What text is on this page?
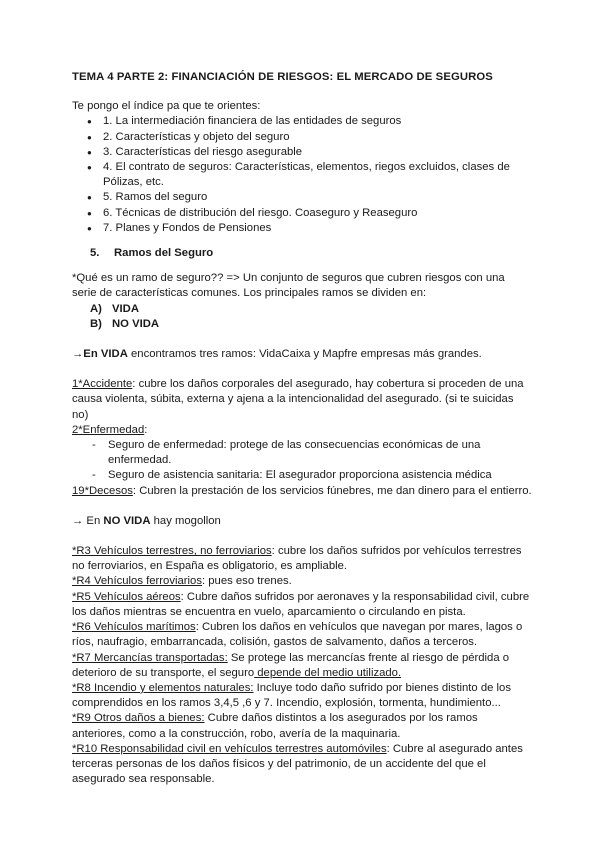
TEMA 4 PARTE 2: FINANCIACIÓN DE RIESGOS: EL MERCADO DE SEGUROS

Te pongo el índice pa que te orientes:

● 1. La intermediación financiera de las entidades de seguros
● 2. Características y objeto del seguro
● 3. Características del riesgo asegurable
● 4. El contrato de seguros: Características, elementos, riegos excluidos, clases de Pólizas, etc.
● 5. Ramos del seguro
● 6. Técnicas de distribución del riesgo. Coaseguro y Reaseguro
● 7. Planes y Fondos de Pensiones

5. Ramos del Seguro

*Qué es un ramo de seguro?? => Un conjunto de seguros que cubren riesgos con una serie de características comunes. Los principales ramos se dividen en:

A) VIDA
B) NO VIDA

→En VIDA encontramos tres ramos: VidaCaixa y Mapfre empresas más grandes.

1*Accidente: cubre los daños corporales del asegurado, hay cobertura si proceden de una causa violenta, súbita, externa y ajena a la intencionalidad del asegurado. (si te suicidas no)

2*Enfermedad:

- Seguro de enfermedad: protege de las consecuencias económicas de una enfermedad.
- Seguro de asistencia sanitaria: El asegurador proporciona asistencia médica

19*Decesos: Cubren la prestación de los servicios fúnebres, me dan dinero para el entierro.

→ En NO VIDA hay mogollon

*R3 Vehículos terrestres, no ferroviarios: cubre los daños sufridos por vehículos terrestres no ferroviarios, en España es obligatorio, es ampliable.

*R4 Vehículos ferroviarios: pues eso trenes.

*R5 Vehículos aéreos: Cubre daños sufridos por aeronaves y la responsabilidad civil, cubre los daños mientras se encuentra en vuelo, aparcamiento o circulando en pista.

*R6 Vehículos marítimos: Cubren los daños en vehículos que navegan por mares, lagos o ríos, naufragio, embarrancada, colisión, gastos de salvamento, daños a terceros.

*R7 Mercancías transportadas: Se protege las mercancías frente al riesgo de pérdida o deterioro de su transporte, el seguro depende del medio utilizado.

*R8 Incendio y elementos naturales: Incluye todo daño sufrido por bienes distinto de los comprendidos en los ramos 3,4,5 ,6 y 7. Incendio, explosión, tormenta, hundimiento...

*R9 Otros daños a bienes: Cubre daños distintos a los asegurados por los ramos anteriores, como a la construcción, robo, avería de la maquinaria.

*R10 Responsabilidad civil en vehículos terrestres automóviles: Cubre al asegurado antes terceras personas de los daños físicos y del patrimonio, de un accidente del que el asegurado sea responsable.
